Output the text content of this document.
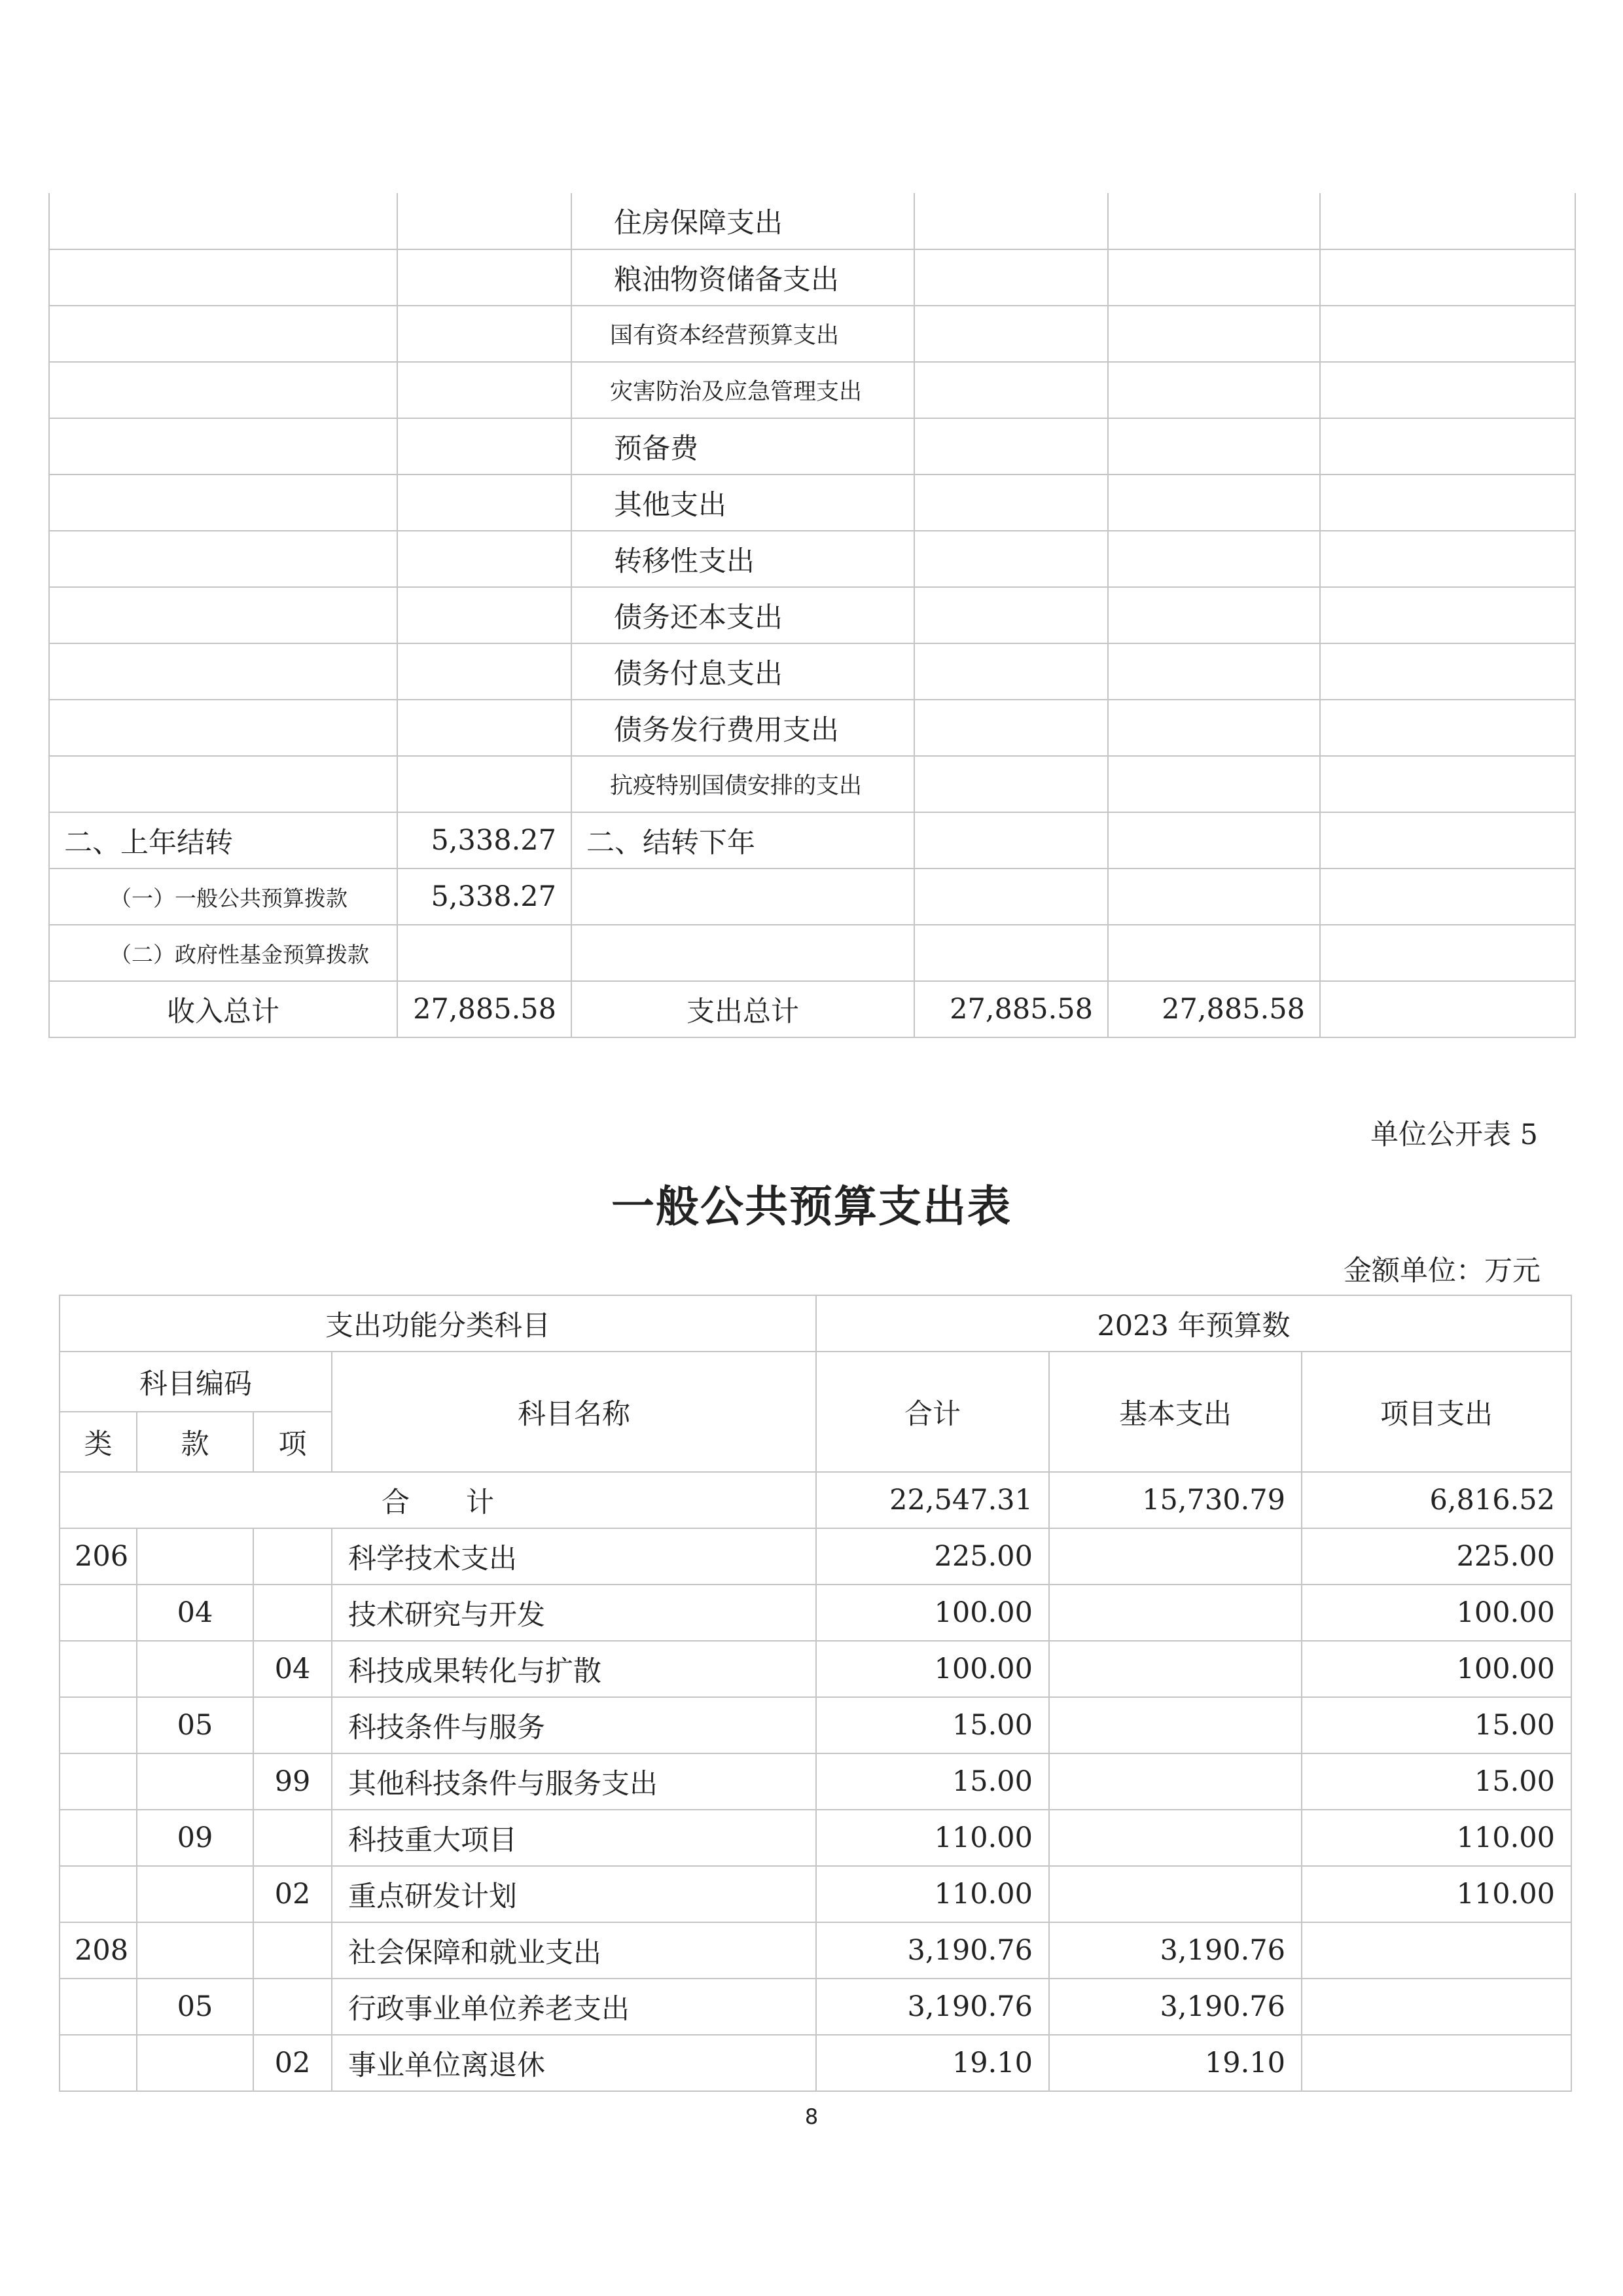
		住房保障支出			
		粮油物资储备支出			
		国有资本经营预算支出			
		灾害防治及应急管理支出			
		预备费			
		其他支出			
		转移性支出			
		债务还本支出			
		债务付息支出			
		债务发行费用支出			
		抗疫特别国债安排的支出			
二、上年结转	5,338.27	二、结转下年			
（一）一般公共预算拨款	5,338.27				
（二）政府性基金预算拨款					
收入总计	27,885.58	支出总计	27,885.58	27,885.58	
单位公开表 5
一般公共预算支出表
金额单位：万元
支出功能分类科目				2023 年预算数		
科目编码			科目名称	合计	基本支出	项目支出
类	款	项				
合 计				22,547.31	15,730.79	6,816.52
206			科学技术支出	225.00		225.00
	04		技术研究与开发	100.00		100.00
		04	科技成果转化与扩散	100.00		100.00
	05		科技条件与服务	15.00		15.00
		99	其他科技条件与服务支出	15.00		15.00
	09		科技重大项目	110.00		110.00
		02	重点研发计划	110.00		110.00
208			社会保障和就业支出	3,190.76	3,190.76	
	05		行政事业单位养老支出	3,190.76	3,190.76	
		02	事业单位离退休	19.10	19.10	
8
